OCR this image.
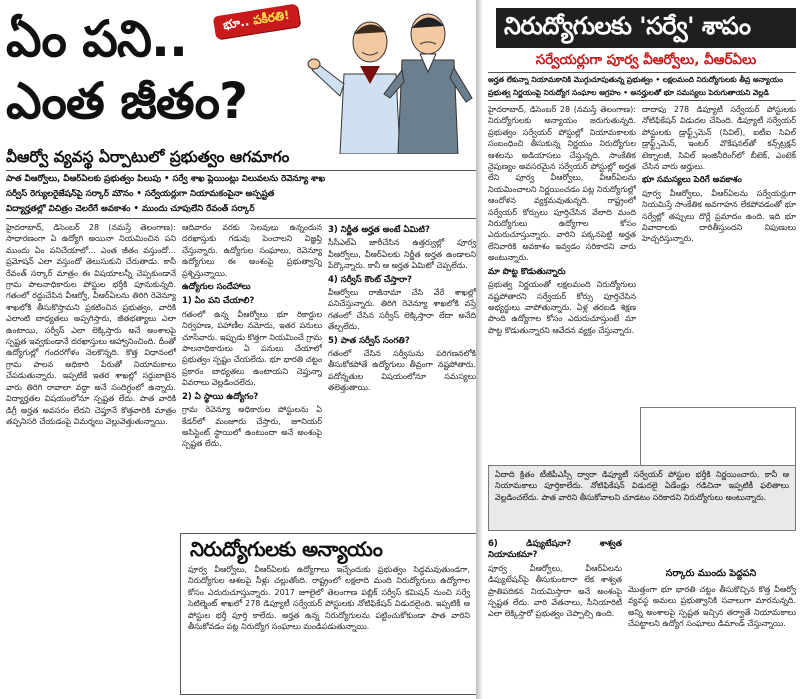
ఏం పని..
ఎంత జీతం?
భూ.. పకీరతి!
వీఆర్వో వ్యవస్థ ఏర్పాటులో ప్రభుత్వం ఆగమాగం
పాత వీఆర్వోలు, వీఆర్ఏలకు ప్రభుత్వం పిలుపు • సర్వే శాఖ ప్లెయింట్లు విలువలను రెవెన్యూ శాఖ
సర్వీస్ రెగ్యులరైజేషన్‌పై సర్కార్ మౌనం • సర్వేయర్లుగా నియామకంపైనా అస్పష్టత
విద్యార్హతల్లో విచిత్రం చెలరేగే అవకాశం • ముందు చూపులేని రేవంత్ సర్కార్

హైదరాబాద్, డిసెంబర్ 28 (నమస్తే తెలంగాణ): సాధారణంగా ఏ ఉద్యోగి అయినా నియమించిన పని ముందు ఏం పనిచేయాలో... ఎంత జీతం వస్తుందో... ప్రమోషన్ ఎలా వస్తుందో తెలుసుకుని చేరుతాడు. కానీ రేవంత్ సర్కార్ మాత్రం ఈ విషయాలన్నీ చెప్పకుండానే గ్రామ పాలనాధికారుల పోస్టుల భర్తీకి పూనుకున్నది. గతంలో రద్దుచేసిన వీఆర్వో, వీఆర్ఏలను తిరిగి రెవెన్యూ శాఖలోకి తీసుకొస్తామని ప్రకటించిన ప్రభుత్వం, వారికి ఎలాంటి బాధ్యతలు అప్పగిస్తారు, జీతభత్యాలు ఎలా ఉంటాయి, సర్వీస్ ఎలా లెక్కిస్తారు అనే అంశాలపై స్పష్టత ఇవ్వకుండానే దరఖాస్తులు ఆహ్వానించింది. దీంతో ఉద్యోగుల్లో గందరగోళం నెలకొన్నది. కొత్త విధానంలో గ్రామ పాలన అధికారి పేరుతో నియామకాలు చేపడుతున్నారు. ఇప్పటికే ఇతర శాఖల్లో సర్దుబాటైన వారు తిరిగి రావాలా వద్దా అనే సందిగ్ధంలో ఉన్నారు. విద్యార్హతల విషయంలోనూ స్పష్టత లేదు. పాత వారికి డిగ్రీ అర్హత అవసరం లేదని చెప్తూనే కొత్తవారికి మాత్రం తప్పనిసరి చేయడంపై విమర్శలు వెల్లువెత్తుతున్నాయి.

ఆదివారం వరకు సెలవులు ఉన్నందున దరఖాస్తుకు గడువు పెంచాలని విజ్ఞప్తి చేస్తున్నారు. ఉద్యోగుల సంఘాలు, రెవెన్యూ ఉద్యోగులు ఈ అంశంపై ప్రభుత్వాన్ని ప్రశ్నిస్తున్నాయి.

ఉద్యోగుల సందేహాలు
1) ఏం పని చేయాలి?

గతంలో ఉన్న వీఆర్వోలు భూ రికార్డుల నిర్వహణ, పహాణీల నమోదు, ఇతర పనులు చూసేవారు. ఇప్పుడు కొత్తగా నియమించే గ్రామ పాలనాధికారులు ఏ పనులు చేయాలో ప్రభుత్వం స్పష్టం చేయలేదు. భూ భారతి చట్టం ప్రకారం బాధ్యతలు ఉంటాయని చెప్తున్నా వివరాలు వెల్లడించలేదు.

2) ఏ స్థాయి ఉద్యోగం?

గ్రామ రెవెన్యూ అధికారుల పోస్టులను ఏ కేడర్‌లో మంజూరు చేస్తారు, జూనియర్ అసిస్టెంట్ స్థాయిలో ఉంటుందా అనే అంశంపై స్పష్టత లేదు.

3) నిర్ణీత అర్హత అంటే ఏమిటి?

సీసీఎల్ఏ జారీచేసిన ఉత్తర్వుల్లో పూర్వ వీఆర్వోలు, వీఆర్ఏలకు నిర్ణీత అర్హత ఉండాలని పేర్కొన్నారు. కానీ ఆ అర్హత ఏమిటో చెప్పలేదు.

4) సర్వీస్ కౌంట్ చేస్తారా?

వీఆర్వోలు రాజీనామా చేసి వేరే శాఖల్లో పనిచేస్తున్నారు. తిరిగి రెవెన్యూ శాఖలోకి వస్తే గతంలో చేసిన సర్వీస్ లెక్కిస్తారా లేదా అనేది తేల్చలేదు.

5) పాత సర్వీస్ సంగతి?

గతంలో చేసిన సర్వీసును పరిగణనలోకి తీసుకోకపోతే ఉద్యోగులు తీవ్రంగా నష్టపోతారు. పదోన్నతుల విషయంలోనూ సమస్యలు తలెత్తుతాయి.

నిరుద్యోగులకు అన్యాయం

పూర్వ వీఆర్వోలు, వీఆర్ఏలకు ఉద్యోగాలు ఇచ్చేందుకు ప్రభుత్వం సిద్ధమవుతుండగా, నిరుద్యోగుల ఆశలపై నీళ్లు చల్లుతోంది. రాష్ట్రంలో లక్షలాది మంది నిరుద్యోగులు ఉద్యోగాల కోసం ఎదురుచూస్తున్నారు. 2017 జూలైలో తెలంగాణ పబ్లిక్ సర్వీస్ కమిషన్ నుంచి సర్వే సెటిల్మెంట్ శాఖలో 278 డిప్యూటీ సర్వేయర్ పోస్టులకు నోటిఫికేషన్ విడుదలైంది. ఇప్పటికీ ఆ పోస్టుల భర్తీ పూర్తి కాలేదు. అర్హత ఉన్న నిరుద్యోగులను పట్టించుకోకుండా పాత వారిని తీసుకోవడం పట్ల నిరుద్యోగ సంఘాలు మండిపడుతున్నాయి.

నిరుద్యోగులకు 'సర్వే' శాపం
సర్వేయర్లుగా పూర్వ వీఆర్వోలు, వీఆర్ఏలు
అర్హత లేకున్నా నియామకానికి మొగ్గుచూపుతున్న ప్రభుత్వం • లక్షలమంది నిరుద్యోగులకు తీవ్ర అన్యాయం
ప్రభుత్వ నిర్ణయంపై నిరుద్యోగ సంఘాల ఆగ్రహం • అనర్హులతో భూ సమస్యలు పెరుగుతాయని వెల్లడి

హైదరాబాద్, డిసెంబర్ 28 (నమస్తే తెలంగాణ): నిరుద్యోగులకు అన్యాయం జరుగుతున్నది. ప్రభుత్వం సర్వేయర్ పోస్టుల్లో నియామకాలకు సంబంధించి తీసుకున్న నిర్ణయం నిరుద్యోగుల ఆశలను అడియాసలు చేస్తున్నది. సాంకేతిక నైపుణ్యం అవసరమైన సర్వేయర్ పోస్టుల్లో అర్హత లేని పూర్వ వీఆర్వోలు, వీఆర్ఏలను నియమించాలని నిర్ణయించడం పట్ల నిరుద్యోగుల్లో ఆందోళన వ్యక్తమవుతున్నది. రాష్ట్రంలో సర్వేయర్ కోర్సులు పూర్తిచేసిన వేలాది మంది నిరుద్యోగులు ఉద్యోగాల కోసం ఎదురుచూస్తున్నారు. వారిని పక్కనపెట్టి అర్హత లేనివారికి అవకాశం ఇవ్వడం సరికాదని వారు అంటున్నారు.

మా పొట్ట కొడుతున్నారు

ప్రభుత్వ నిర్ణయంతో లక్షలమంది నిరుద్యోగులు నష్టపోతారని సర్వేయర్ కోర్సు పూర్తిచేసిన అభ్యర్థులు వాపోతున్నారు. ఏళ్ల తరబడి శిక్షణ పొంది ఉద్యోగాల కోసం ఎదురుచూస్తుంటే మా పొట్ట కొడుతున్నారని ఆవేదన వ్యక్తం చేస్తున్నారు.

దాదాపు 278 డిప్యూటీ సర్వేయర్ పోస్టులకు నోటిఫికేషన్ విడుదల చేసింది. డిప్యూటీ సర్వేయర్ పోస్టులకు డ్రాఫ్ట్స్‌మెన్ (సివిల్), ఐటీఐ సివిల్ డ్రాఫ్ట్స్‌మెన్, ఇంటర్ వొకేషనల్‌తో కన్స్‌ట్రక్షన్ టెక్నాలజీ, సివిల్ ఇంజినీరింగ్‌లో బీటెక్, ఎంటెక్ చేసిన వారు అర్హులు.

భూ సమస్యలు పెరిగే అవకాశం

పూర్వ వీఆర్వోలు, వీఆర్ఏలను సర్వేయర్లుగా నియమిస్తే సాంకేతిక అవగాహన లేకపోవడంతో భూ సర్వేల్లో తప్పులు దొర్లే ప్రమాదం ఉంది. ఇది భూ వివాదాలకు దారితీస్తుందని నిపుణులు హెచ్చరిస్తున్నారు.

ఏదాది క్రితం టీజీపీఎస్సీ ద్వారా డిప్యూటీ సర్వేయర్ పోస్టుల భర్తీకి నిర్ణయించారు. కానీ ఆ నియామకాలు పూర్తికాలేదు. నోటిఫికేషన్ విడుదలై ఏడేండ్లు గడిచినా ఇప్పటికీ ఫలితాలు వెల్లడించలేదు. పాత వారిని తీసుకోవాలని చూడటం సరికాదని నిరుద్యోగులు అంటున్నారు.
6) డిప్యుటేషనా? శాశ్వత నియామకమా?

పూర్వ వీఆర్వోలు, వీఆర్ఏలను డిప్యుటేషన్‌పై తీసుకుంటారా లేక శాశ్వత ప్రాతిపదికన నియమిస్తారా అనే అంశంపై స్పష్టత లేదు. వారి వేతనాలు, సీనియారిటీ ఎలా లెక్కిస్తారో ప్రభుత్వం చెప్పాల్సి ఉంది.

సర్కారు ముందు పెద్దపని

మొత్తంగా భూ భారతి చట్టం తీసుకొచ్చిన కొత్త వీఆర్వో వ్యవస్థ అమలు ప్రభుత్వానికి సవాలుగా మారనున్నది. అన్ని అంశాలపై స్పష్టత ఇచ్చిన తర్వాతే నియామకాలు చేపట్టాలని ఉద్యోగ సంఘాలు డిమాండ్ చేస్తున్నాయి.
